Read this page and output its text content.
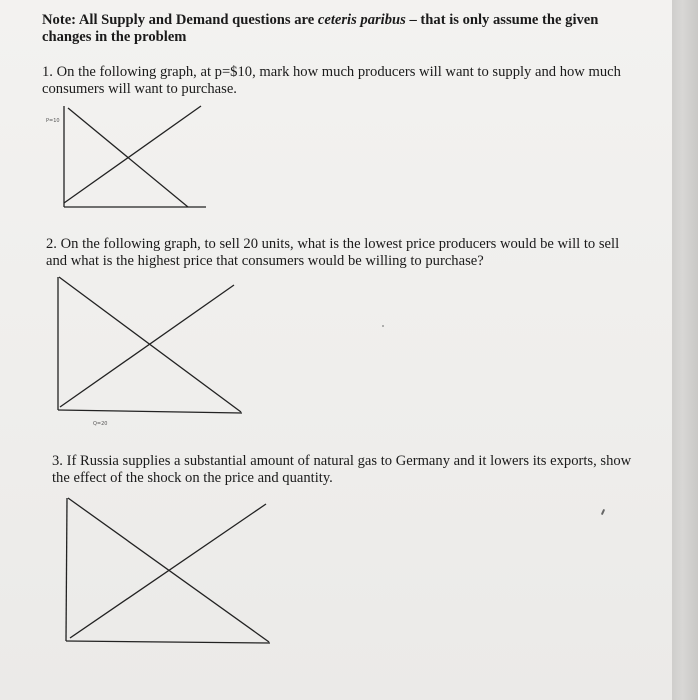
Note: All Supply and Demand questions are ceteris paribus – that is only assume the given changes in the problem

1. On the following graph, at p=$10, mark how much producers will want to supply and how much consumers will want to purchase.

P=10

2. On the following graph, to sell 20 units, what is the lowest price producers would be will to sell and what is the highest price that consumers would be willing to purchase?

Q=20

3. If Russia supplies a substantial amount of natural gas to Germany and it lowers its exports, show the effect of the shock on the price and quantity.
